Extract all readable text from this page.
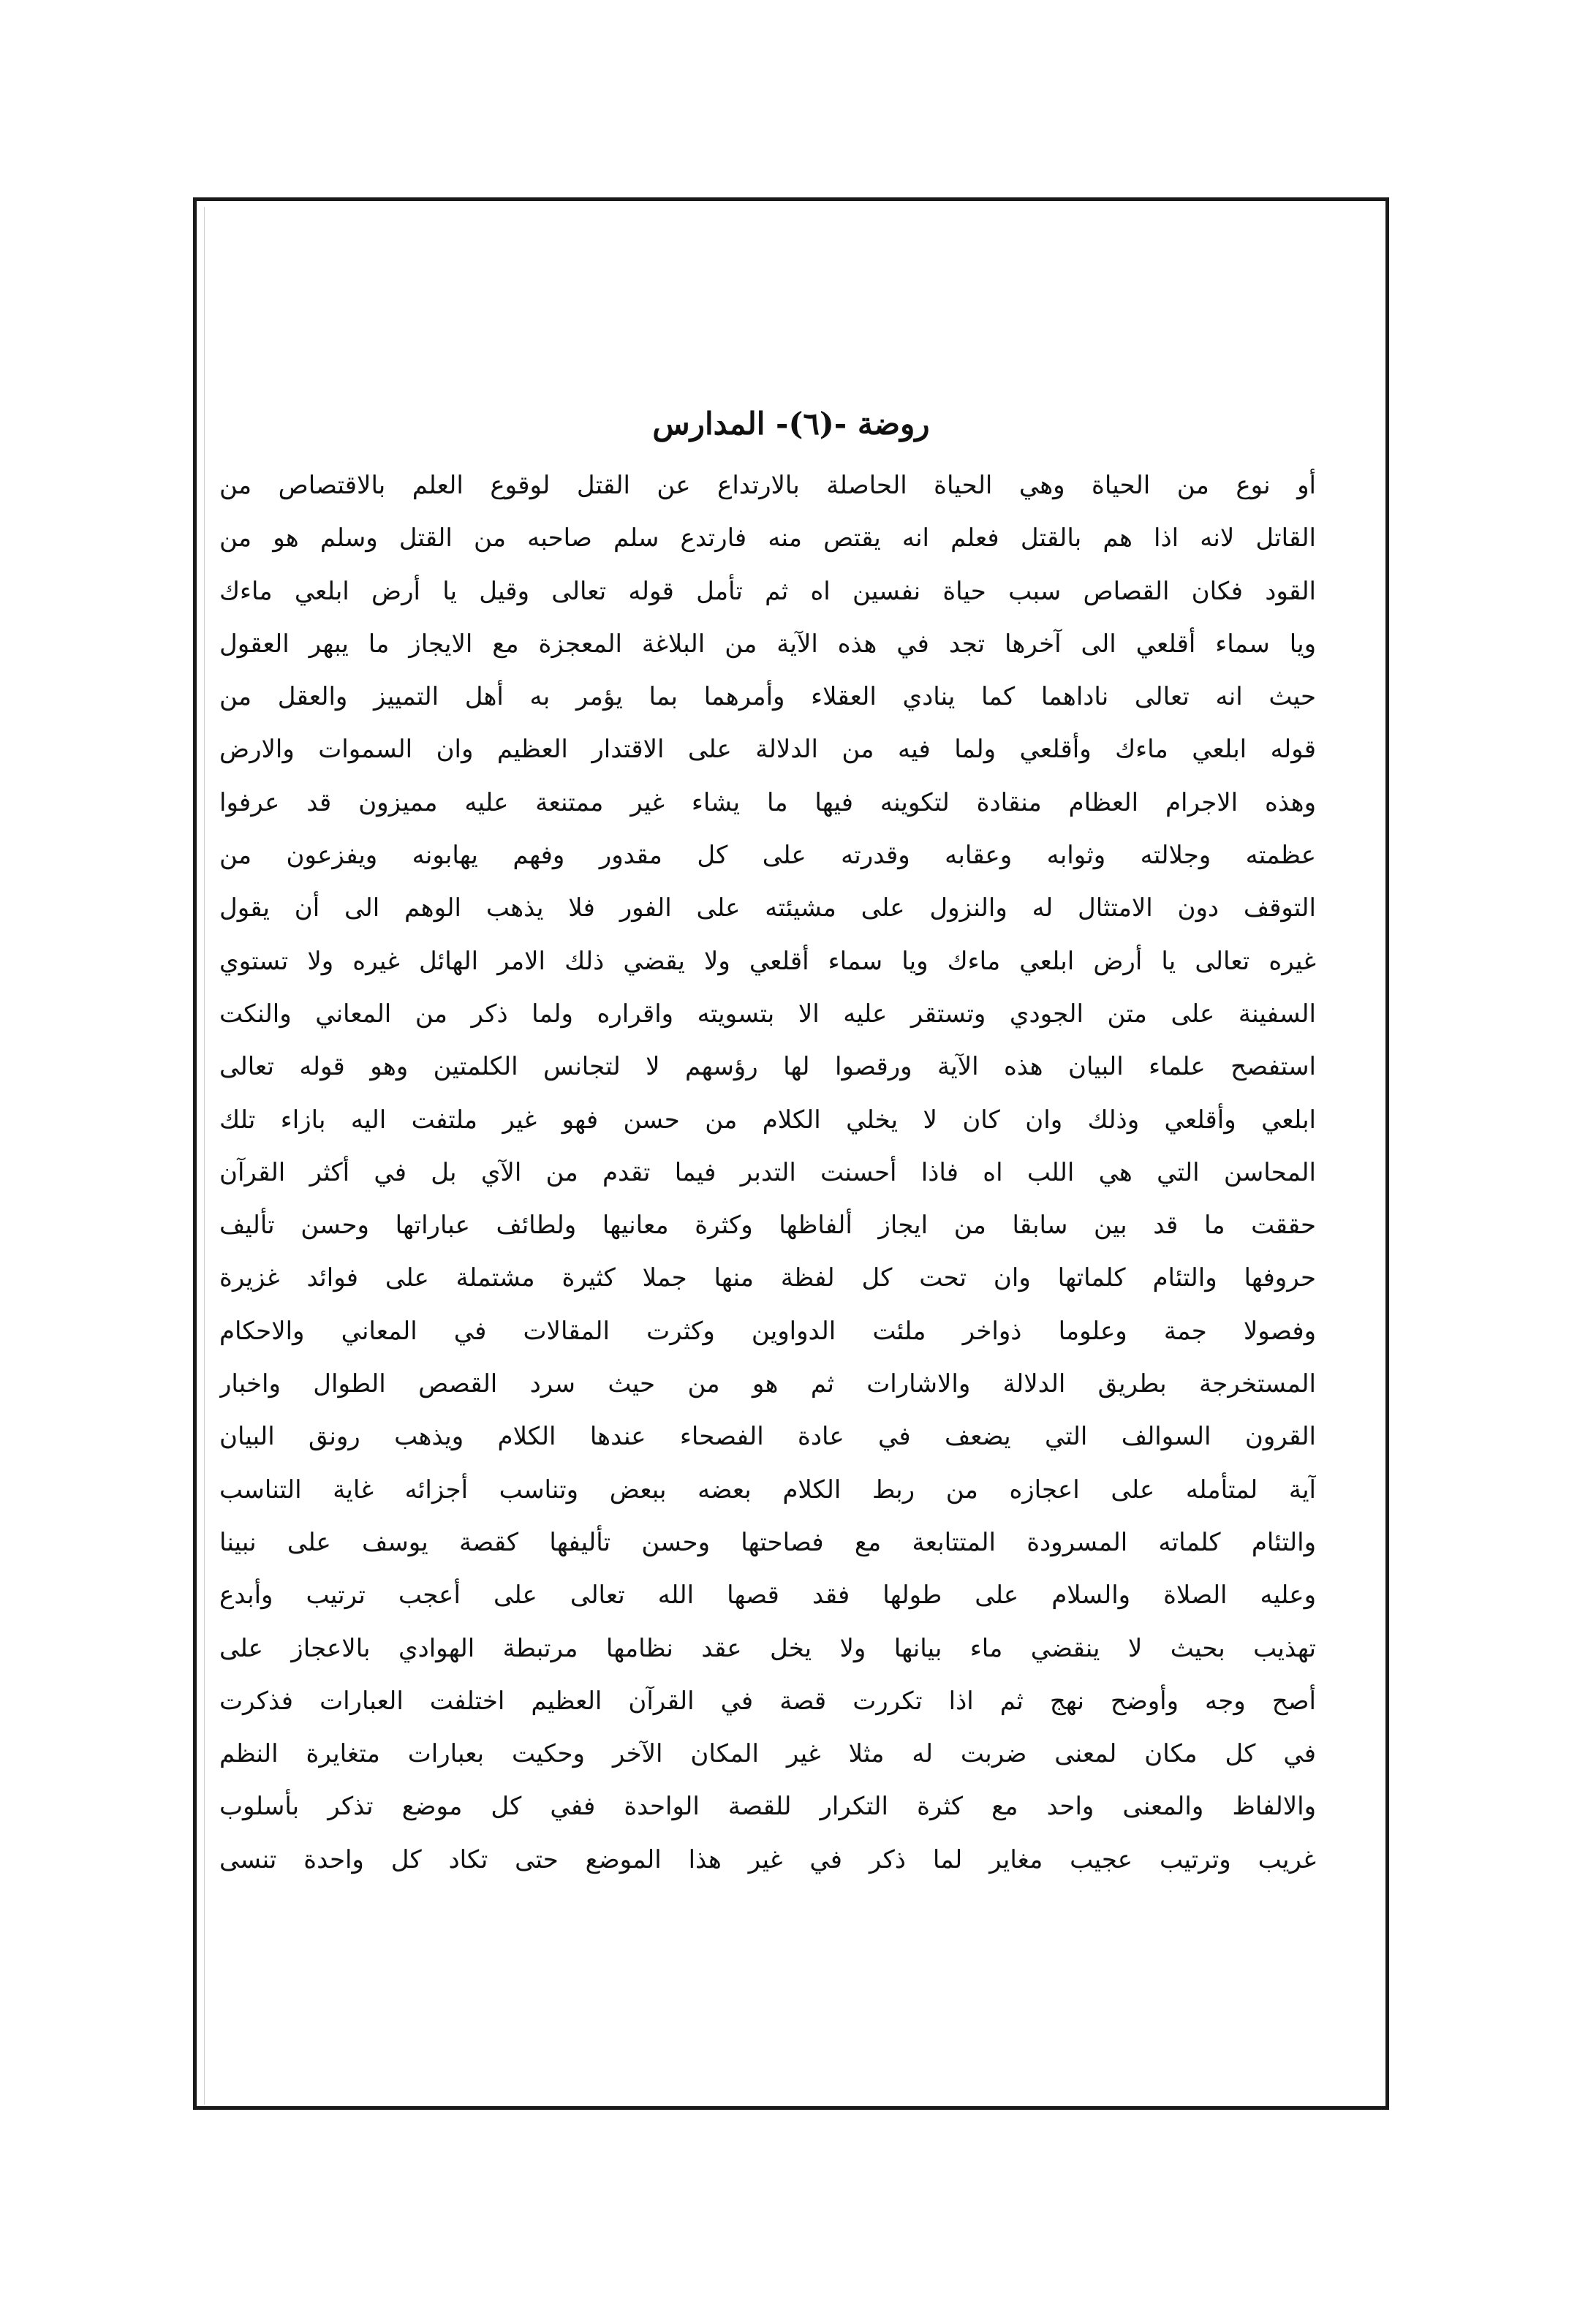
روضة -(٦)- المدارس
أو نوع من الحياة وهي الحياة الحاصلة بالارتداع عن القتل لوقوع العلم بالاقتصاص من
القاتل لانه اذا هم بالقتل فعلم انه يقتص منه فارتدع سلم صاحبه من القتل وسلم هو من
القود فكان القصاص سبب حياة نفسين اه ثم تأمل قوله تعالى وقيل يا أرض ابلعي ماءك
ويا سماء أقلعي الى آخرها تجد في هذه الآية من البلاغة المعجزة مع الايجاز ما يبهر العقول
حيث انه تعالى ناداهما كما ينادي العقلاء وأمرهما بما يؤمر به أهل التمييز والعقل من
قوله ابلعي ماءك وأقلعي ولما فيه من الدلالة على الاقتدار العظيم وان السموات والارض
وهذه الاجرام العظام منقادة لتكوينه فيها ما يشاء غير ممتنعة عليه مميزون قد عرفوا
عظمته وجلالته وثوابه وعقابه وقدرته على كل مقدور وفهم يهابونه ويفزعون من
التوقف دون الامتثال له والنزول على مشيئته على الفور فلا يذهب الوهم الى أن يقول
غيره تعالى يا أرض ابلعي ماءك ويا سماء أقلعي ولا يقضي ذلك الامر الهائل غيره ولا تستوي
السفينة على متن الجودي وتستقر عليه الا بتسويته واقراره ولما ذكر من المعاني والنكت
استفصح علماء البيان هذه الآية ورقصوا لها رؤسهم لا لتجانس الكلمتين وهو قوله تعالى
ابلعي وأقلعي وذلك وان كان لا يخلي الكلام من حسن فهو غير ملتفت اليه بازاء تلك
المحاسن التي هي اللب اه فاذا أحسنت التدبر فيما تقدم من الآي بل في أكثر القرآن
حققت ما قد بين سابقا من ايجاز ألفاظها وكثرة معانيها ولطائف عباراتها وحسن تأليف
حروفها والتئام كلماتها وان تحت كل لفظة منها جملا كثيرة مشتملة على فوائد غزيرة
وفصولا جمة وعلوما ذواخر ملئت الدواوين وكثرت المقالات في المعاني والاحكام
المستخرجة بطريق الدلالة والاشارات ثم هو من حيث سرد القصص الطوال واخبار
القرون السوالف التي يضعف في عادة الفصحاء عندها الكلام ويذهب رونق البيان
آية لمتأمله على اعجازه من ربط الكلام بعضه ببعض وتناسب أجزائه غاية التناسب
والتئام كلماته المسرودة المتتابعة مع فصاحتها وحسن تأليفها كقصة يوسف على نبينا
وعليه الصلاة والسلام على طولها فقد قصها الله تعالى على أعجب ترتيب وأبدع
تهذيب بحيث لا ينقضي ماء بيانها ولا يخل عقد نظامها مرتبطة الهوادي بالاعجاز على
أصح وجه وأوضح نهج ثم اذا تكررت قصة في القرآن العظيم اختلفت العبارات فذكرت
في كل مكان لمعنى ضربت له مثلا غير المكان الآخر وحكيت بعبارات متغايرة النظم
والالفاظ والمعنى واحد مع كثرة التكرار للقصة الواحدة ففي كل موضع تذكر بأسلوب
غريب وترتيب عجيب مغاير لما ذكر في غير هذا الموضع حتى تكاد كل واحدة تنسى
